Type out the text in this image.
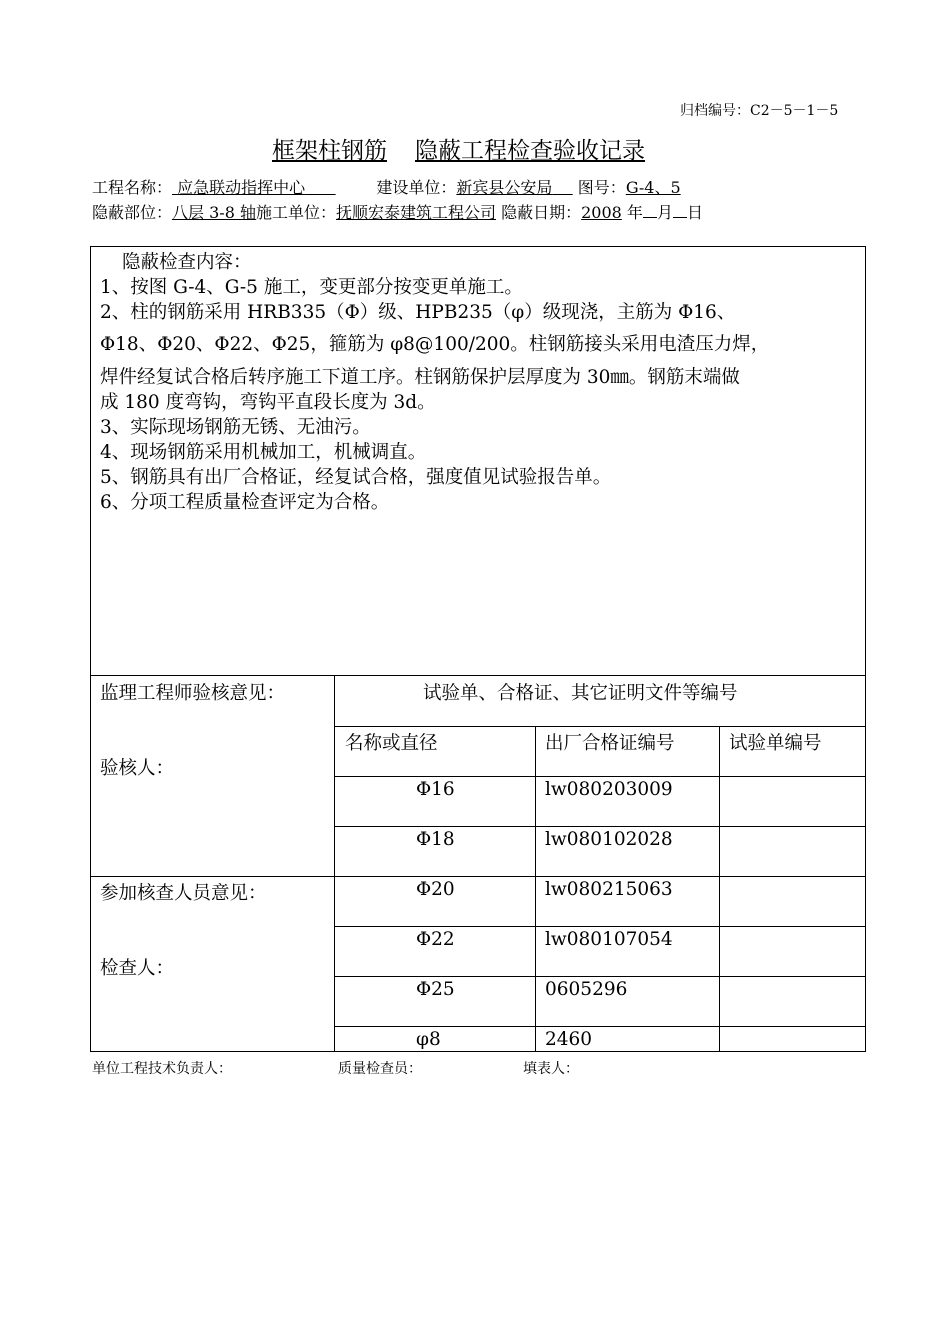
归档编号：C2－5－1－5
框架柱钢筋 隐蔽工程检查验收记录
工程名称： 应急联动指挥中心	建设单位：新宾县公安局 图号：G-4、5
隐蔽部位：八层 3-8 轴施工单位：抚顺宏泰建筑工程公司 隐蔽日期：2008 年 月 日
隐蔽检查内容：
1、按图 G-4、G-5 施工，变更部分按变更单施工。
2、柱的钢筋采用 HRB335（Φ）级、HPB235（φ）级现浇，主筋为 Φ16、
Φ18、Φ20、Φ22、Φ25，箍筋为 φ8@100/200。柱钢筋接头采用电渣压力焊，
焊件经复试合格后转序施工下道工序。柱钢筋保护层厚度为 30㎜。钢筋末端做
成 180 度弯钩，弯钩平直段长度为 3d。
3、实际现场钢筋无锈、无油污。
4、现场钢筋采用机械加工，机械调直。
5、钢筋具有出厂合格证，经复试合格，强度值见试验报告单。
6、分项工程质量检查评定为合格。
监理工程师验核意见：
验核人：
参加核查人员意见：
检查人：
试验单、合格证、其它证明文件等编号
名称或直径	出厂合格证编号	试验单编号
Φ16	lw080203009
Φ18	lw080102028
Φ20	lw080215063
Φ22	lw080107054
Φ25	0605296
φ8	2460
单位工程技术负责人：	质量检查员：	填表人：
